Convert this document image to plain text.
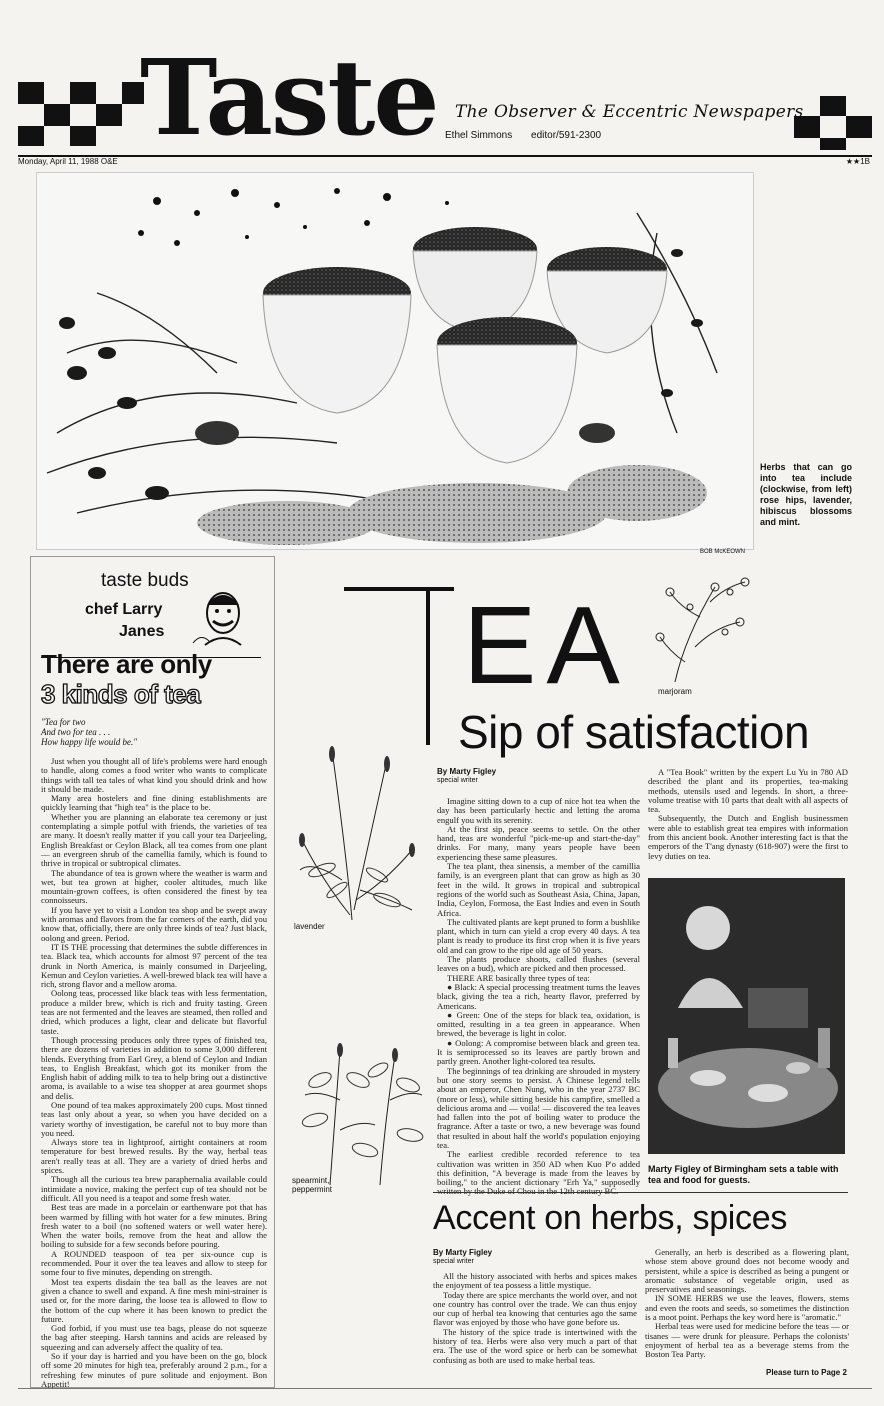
Taste The Observer & Eccentric Newspapers
Ethel Simmons editor/591-2300
Monday, April 11, 1988 O&E	★★1B
BOB McKEOWN
Herbs that can go into tea include (clockwise, from left) rose hips, lavender, hibiscus blossoms and mint.
taste buds
chef Larry
Janes
There are only
3 kinds of tea
"Tea for two
And two for tea . . .
How happy life would be."

Just when you thought all of life's problems were hard enough to handle, along comes a food writer who wants to complicate things with tall tea tales of what kind you should drink and how it should be made.

Many area hostelers and fine dining establishments are quickly learning that "high tea" is the place to be.

Whether you are planning an elaborate tea ceremony or just contemplating a simple potful with friends, the varieties of tea are many. It doesn't really matter if you call your tea Darjeeling, English Breakfast or Ceylon Black, all tea comes from one plant — an evergreen shrub of the camellia family, which is found to thrive in tropical or subtropical climates.

The abundance of tea is grown where the weather is warm and wet, but tea grown at higher, cooler altitudes, much like mountain-grown coffees, is often considered the finest by tea connoisseurs.

If you have yet to visit a London tea shop and be swept away with aromas and flavors from the far corners of the earth, did you know that, officially, there are only three kinds of tea? Just black, oolong and green. Period.

IT IS THE processing that determines the subtle differences in tea. Black tea, which accounts for almost 97 percent of the tea drunk in North America, is mainly consumed in Darjeeling, Kemun and Ceylon varieties. A well-brewed black tea will have a rich, strong flavor and a mellow aroma.

Oolong teas, processed like black teas with less fermentation, produce a milder brew, which is rich and fruity tasting. Green teas are not fermented and the leaves are steamed, then rolled and dried, which produces a light, clear and delicate but flavorful taste.

Though processing produces only three types of finished tea, there are dozens of varieties in addition to some 3,000 different blends. Everything from Earl Grey, a blend of Ceylon and Indian teas, to English Breakfast, which got its moniker from the English habit of adding milk to tea to help bring out a distinctive aroma, is available to a wise tea shopper at area gourmet shops and delis.

One pound of tea makes approximately 200 cups. Most tinned teas last only about a year, so when you have decided on a variety worthy of investigation, be careful not to buy more than you need.

Always store tea in lightproof, airtight containers at room temperature for best brewed results. By the way, herbal teas aren't really teas at all. They are a variety of dried herbs and spices.

Though all the curious tea brew paraphernalia available could intimidate a novice, making the perfect cup of tea should not be difficult. All you need is a teapot and some fresh water.

Best teas are made in a porcelain or earthenware pot that has been warmed by filling with hot water for a few minutes. Bring fresh water to a boil (no softened waters or well water here). When the water boils, remove from the heat and allow the boiling to subside for a few seconds before pouring.

A ROUNDED teaspoon of tea per six-ounce cup is recommended. Pour it over the tea leaves and allow to steep for some four to five minutes, depending on strength.

Most tea experts disdain the tea ball as the leaves are not given a chance to swell and expand. A fine mesh mini-strainer is used or, for the more daring, the loose tea is allowed to flow to the bottom of the cup where it has been known to predict the future.

God forbid, if you must use tea bags, please do not squeeze the bag after steeping. Harsh tannins and acids are released by squeezing and can adversely affect the quality of tea.

So if your day is harried and you have been on the go, block off some 20 minutes for high tea, preferably around 2 p.m., for a refreshing few minutes of pure solitude and enjoyment. Bon Appetit!

EA	marjoram
Sip of satisfaction
By Marty Figley
special writer

Imagine sitting down to a cup of nice hot tea when the day has been particularly hectic and letting the aroma engulf you with its serenity.

At the first sip, peace seems to settle. On the other hand, teas are wonderful "pick-me-up and start-the-day" drinks. For many, many years people have been experiencing these same pleasures.

The tea plant, thea sinensis, a member of the camillia family, is an evergreen plant that can grow as high as 30 feet in the wild. It grows in tropical and subtropical regions of the world such as Southeast Asia, China, Japan, India, Ceylon, Formosa, the East Indies and even in South Africa.

The cultivated plants are kept pruned to form a bushlike plant, which in turn can yield a crop every 40 days. A tea plant is ready to produce its first crop when it is five years old and can grow to the ripe old age of 50 years.

The plants produce shoots, called flushes (several leaves on a bud), which are picked and then processed.

THERE ARE basically three types of tea:

● Black: A special processing treatment turns the leaves black, giving the tea a rich, hearty flavor, preferred by Americans.

● Green: One of the steps for black tea, oxidation, is omitted, resulting in a tea green in appearance. When brewed, the beverage is light in color.

● Oolong: A compromise between black and green tea. It is semiprocessed so its leaves are partly brown and partly green. Another light-colored tea results.

The beginnings of tea drinking are shrouded in mystery but one story seems to persist. A Chinese legend tells about an emperor, Chen Nung, who in the year 2737 BC (more or less), while sitting beside his campfire, smelled a delicious aroma and — voila! — discovered the tea leaves had fallen into the pot of boiling water to produce the fragrance. After a taste or two, a new beverage was found that resulted in about half the world's population enjoying tea.

The earliest credible recorded reference to tea cultivation was written in 350 AD when Kuo P'o added this definition, "A beverage is made from the leaves by boiling," to the ancient dictionary "Erh Ya," supposedly written by the Duke of Chou in the 12th century BC.

A "Tea Book" written by the expert Lu Yu in 780 AD described the plant and its properties, tea-making methods, utensils used and legends. In short, a three-volume treatise with 10 parts that dealt with all aspects of tea.

Subsequently, the Dutch and English businessmen were able to establish great tea empires with information from this ancient book. Another interesting fact is that the emperors of the T'ang dynasty (618-907) were the first to levy duties on tea.

Marty Figley of Birmingham sets a table with tea and food for guests.
lavender
spearmint,
peppermint
Accent on herbs, spices
By Marty Figley
special writer

All the history associated with herbs and spices makes the enjoyment of tea possess a little mystique.

Today there are spice merchants the world over, and not one country has control over the trade. We can thus enjoy our cup of herbal tea knowing that centuries ago the same flavor was enjoyed by those who have gone before us.

The history of the spice trade is intertwined with the history of tea. Herbs were also very much a part of that era. The use of the word spice or herb can be somewhat confusing as both are used to make herbal teas.

Generally, an herb is described as a flowering plant, whose stem above ground does not become woody and persistent, while a spice is described as being a pungent or aromatic substance of vegetable origin, used as preservatives and seasonings.

IN SOME HERBS we use the leaves, flowers, stems and even the roots and seeds, so sometimes the distinction is a moot point. Perhaps the key word here is "aromatic."

Herbal teas were used for medicine before the teas — or tisanes — were drunk for pleasure. Perhaps the colonists' enjoyment of herbal tea as a beverage stems from the Boston Tea Party.

Please turn to Page 2
